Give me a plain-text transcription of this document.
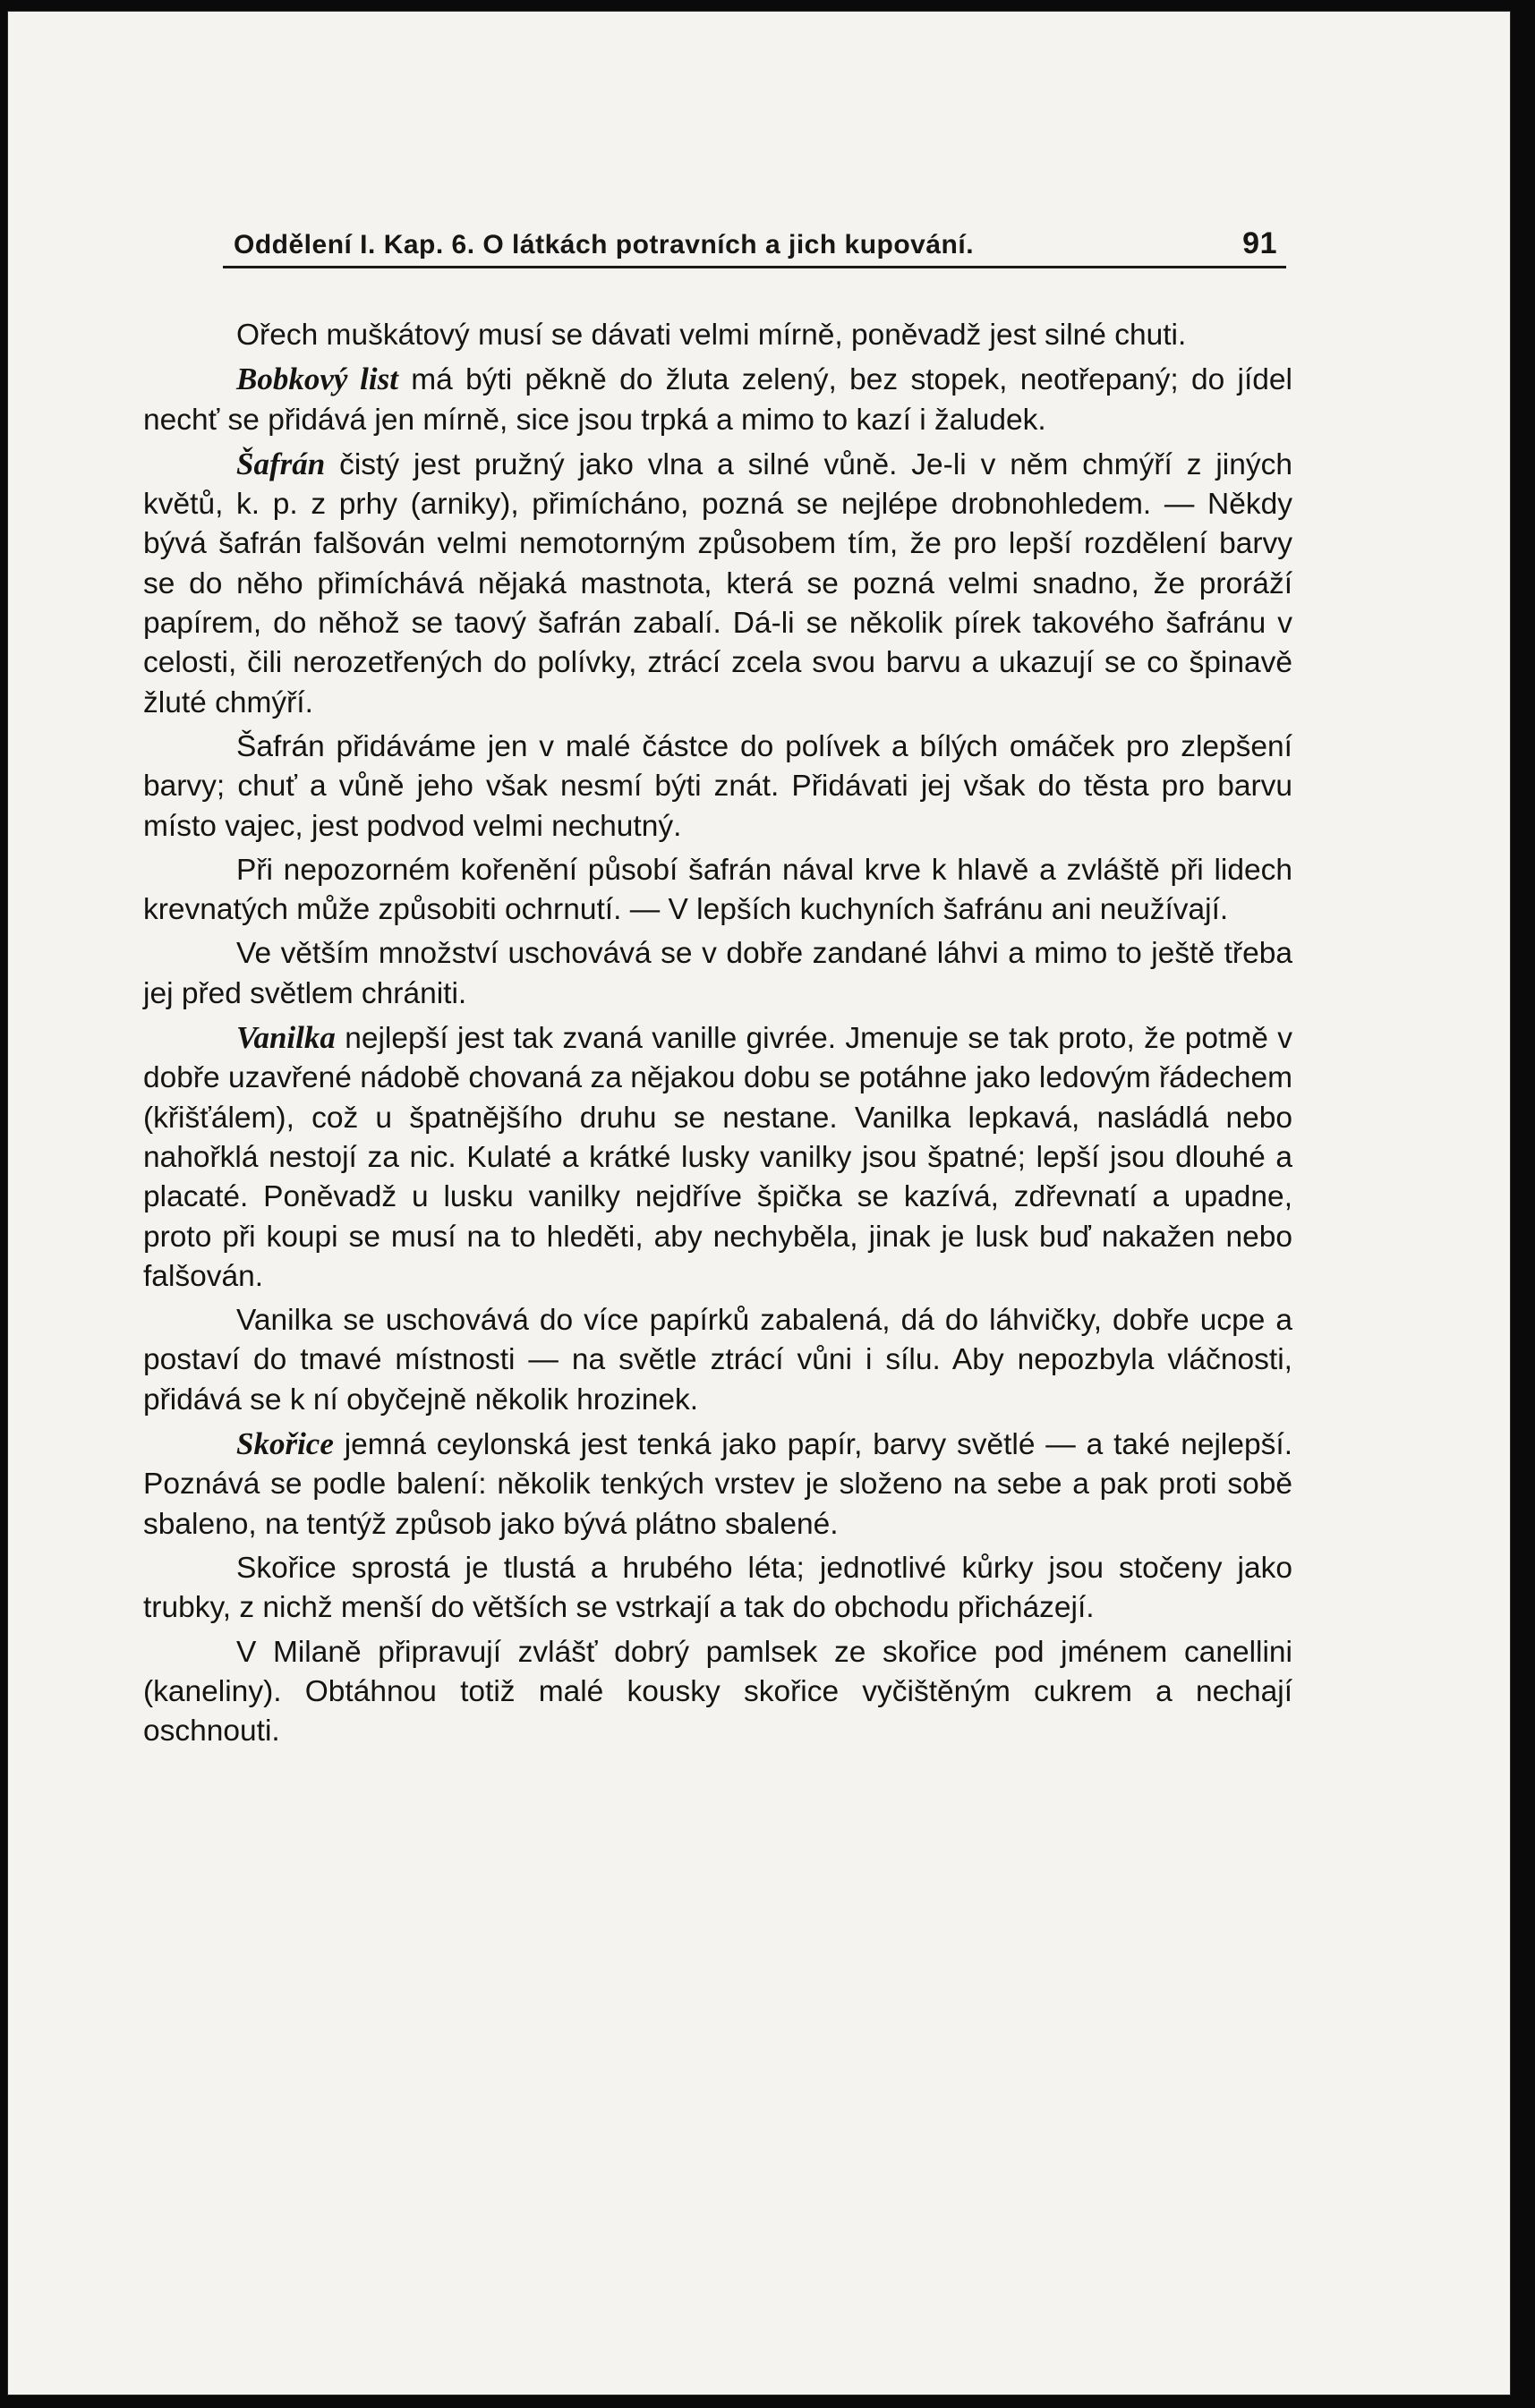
Oddělení I. Kap. 6. O látkách potravních a jich kupování.	91

Ořech muškátový musí se dávati velmi mírně, poněvadž jest silné chuti.

Bobkový list má býti pěkně do žluta zelený, bez stopek, neotřepaný; do jídel nechť se přidává jen mírně, sice jsou trpká a mimo to kazí i žaludek.

Šafrán čistý jest pružný jako vlna a silné vůně. Je-li v něm chmýří z jiných květů, k. p. z prhy (arniky), přimícháno, pozná se nejlépe drobnohledem. — Někdy bývá šafrán falšován velmi nemotorným způsobem tím, že pro lepší rozdělení barvy se do něho přimíchává nějaká mastnota, která se pozná velmi snadno, že proráží papírem, do něhož se taový šafrán zabalí. Dá-li se několik pírek takového šafránu v celosti, čili nerozetřených do polívky, ztrácí zcela svou barvu a ukazují se co špinavě žluté chmýří.

Šafrán přidáváme jen v malé částce do polívek a bílých omáček pro zlepšení barvy; chuť a vůně jeho však nesmí býti znát. Přidávati jej však do těsta pro barvu místo vajec, jest podvod velmi nechutný.

Při nepozorném kořenění působí šafrán nával krve k hlavě a zvláště při lidech krevnatých může způsobiti ochrnutí. — V lepších kuchyních šafránu ani neužívají.

Ve větším množství uschovává se v dobře zandané láhvi a mimo to ještě třeba jej před světlem chrániti.

Vanilka nejlepší jest tak zvaná vanille givrée. Jmenuje se tak proto, že potmě v dobře uzavřené nádobě chovaná za nějakou dobu se potáhne jako ledovým řádechem (křišťálem), což u špatnějšího druhu se nestane. Vanilka lepkavá, nasládlá nebo nahořklá nestojí za nic. Kulaté a krátké lusky vanilky jsou špatné; lepší jsou dlouhé a placaté. Poněvadž u lusku vanilky nejdříve špička se kazívá, zdřevnatí a upadne, proto při koupi se musí na to hleděti, aby nechyběla, jinak je lusk buď nakažen nebo falšován.

Vanilka se uschovává do více papírků zabalená, dá do láhvičky, dobře ucpe a postaví do tmavé místnosti — na světle ztrácí vůni i sílu. Aby nepozbyla vláčnosti, přidává se k ní obyčejně několik hrozinek.

Skořice jemná ceylonská jest tenká jako papír, barvy světlé — a také nejlepší. Poznává se podle balení: několik tenkých vrstev je složeno na sebe a pak proti sobě sbaleno, na tentýž způsob jako bývá plátno sbalené.

Skořice sprostá je tlustá a hrubého léta; jednotlivé kůrky jsou stočeny jako trubky, z nichž menší do větších se vstrkají a tak do obchodu přicházejí.

V Milaně připravují zvlášť dobrý pamlsek ze skořice pod jménem canellini (kaneliny). Obtáhnou totiž malé kousky skořice vyčištěným cukrem a nechají oschnouti.
